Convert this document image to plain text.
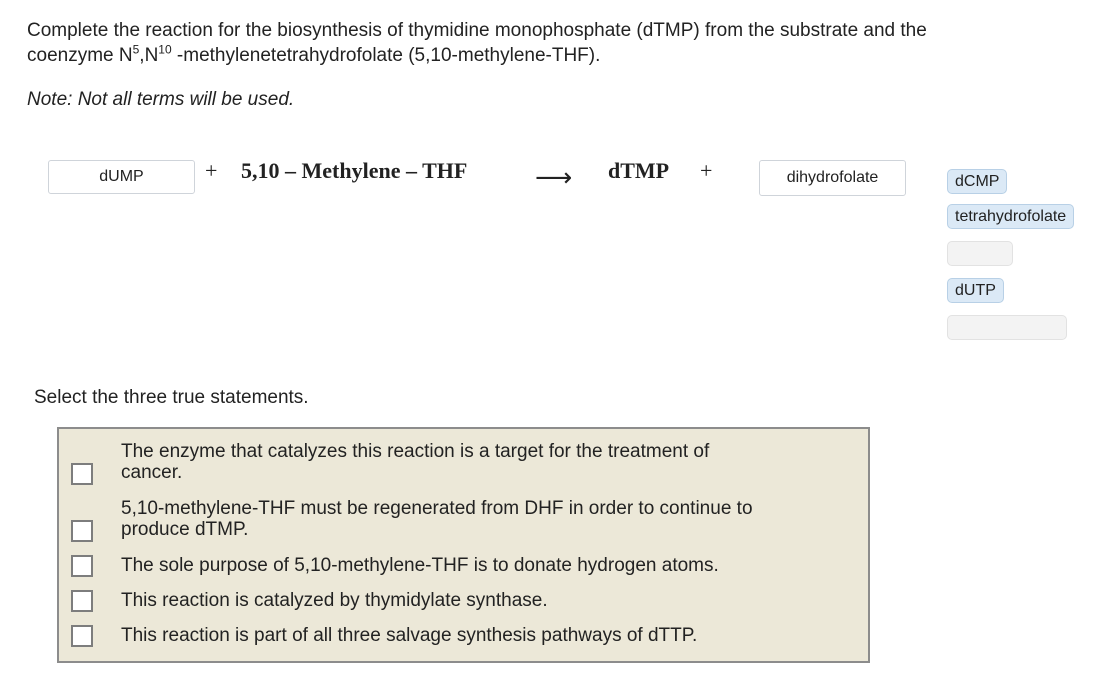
Complete the reaction for the biosynthesis of thymidine monophosphate (dTMP) from the substrate and the
coenzyme $N^5,N^{10}$ -methylenetetrahydrofolate (5,10-methylene-THF).
Note: Not all terms will be used.
dUMP	+ 5,10 – Methylene – THF	⟶ dTMP +	dihydrofolate	dCMP
tetrahydrofolate
dUTP
Select the three true statements.
The enzyme that catalyzes this reaction is a target for the treatment of
cancer.
5,10-methylene-THF must be regenerated from DHF in order to continue to
produce dTMP.
The sole purpose of 5,10-methylene-THF is to donate hydrogen atoms.
This reaction is catalyzed by thymidylate synthase.
This reaction is part of all three salvage synthesis pathways of dTTP.
